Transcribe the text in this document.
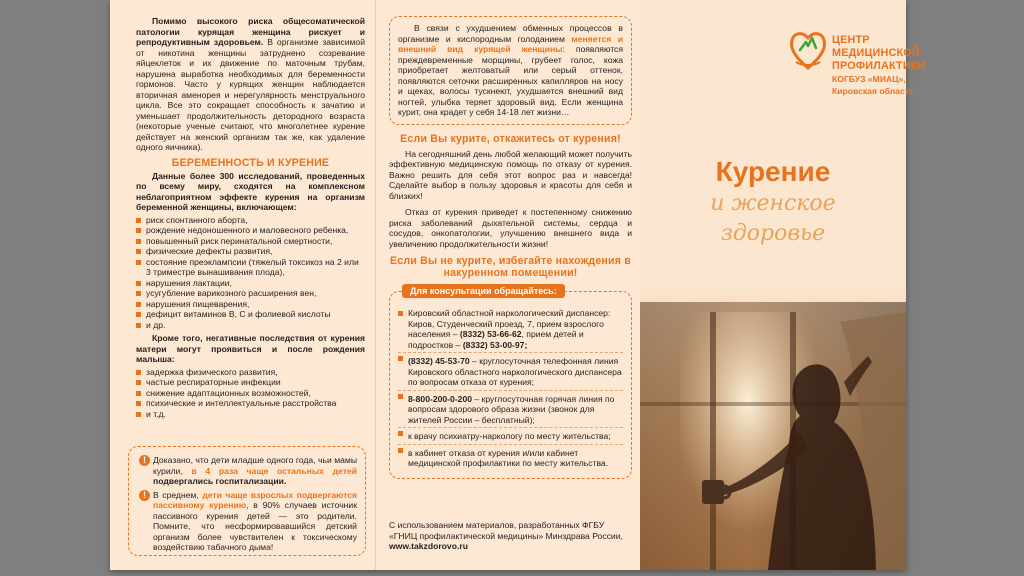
Помимо высокого риска общесоматической патологии курящая женщина рискует и репродуктивным здоровьем. В организме зависимой от никотина женщины затруднено созревание яйцеклеток и их движение по маточным трубам, нарушена выработка необходимых для беременности гормонов. Часто у курящих женщин наблюдается вторичная аменорея и нерегулярность менструального цикла. Все это сокращает способность к зачатию и уменьшает продолжительность детородного возраста (некоторые ученые считают, что многолетнее курение действует на женский организм так же, как удаление одного яичника).

БЕРЕМЕННОСТЬ И КУРЕНИЕ

Данные более 300 исследований, проведенных по всему миру, сходятся на комплексном неблагоприятном эффекте курения на организм беременной женщины, включающем:

риск спонтанного аборта,
рождение недоношенного и маловесного ребенка,
повышенный риск перинатальной смертности,
физические дефекты развития,
состояние преэклампсии (тяжелый токсикоз на 2 или 3 триместре вынашивания плода),
нарушения лактации,
усугубление варикозного расширения вен,
нарушения пищеварения,
дефицит витаминов В, С и фолиевой кислоты
и др.

Кроме того, негативные последствия от курения матери могут проявиться и после рождения малыша:

задержка физического развития,
частые респираторные инфекции
снижение адаптационных возможностей,
психические и интеллектуальные расстройства
и т.д.
! Доказано, что дети младше одного года, чьи мамы курили, в 4 раза чаще остальных детей подвергались госпитализации.

! В среднем, дети чаще взрослых подвергаются пассивному курению, в 90% случаев источник пассивного курения детей — это родители. Помните, что несформировавшийся детский организм более чувствителен к токсическому воздействию табачного дыма!

В связи с ухудшением обменных процессов в организме и кислородным голоданием меняется и внешний вид курящей женщины: появляются преждевременные морщины, грубеет голос, кожа приобретает желтоватый или серый оттенок, появляются сеточки расширенных капилляров на носу и щеках, волосы тускнеют, ухудшается внешний вид ногтей, улыбка теряет здоровый вид. Если женщина курит, она крадет у себя 14-18 лет жизни…

Если Вы курите, откажитесь от курения!

На сегодняшний день любой желающий может получить эффективную медицинскую помощь по отказу от курения. Важно решить для себя этот вопрос раз и навсегда! Сделайте выбор в пользу здоровья и красоты для себя и близких!

Отказ от курения приведет к постепенному снижению риска заболеваний дыхательной системы, сердца и сосудов, онкопатологии, улучшению внешнего вида и увеличению продолжительности жизни!

Если Вы не курите, избегайте нахождения в накуренном помещении!
Для консультации обращайтесь:
Кировский областной наркологический диспансер: Киров, Студенческий проезд, 7, прием взрослого населения – (8332) 53-66-62, прием детей и подростков – (8332) 53-00-97;
(8332) 45-53-70 – круглосуточная телефонная линия Кировского областного наркологического диспансера по вопросам отказа от курения;
8-800-200-0-200 – круглосуточная горячая линия по вопросам здорового образа жизни (звонок для жителей России – бесплатный);
к врачу психиатру-наркологу по месту жительства;
в кабинет отказа от курения и/или кабинет медицинской профилактики по месту жительства.

С использованием материалов, разработанных ФГБУ «ГНИЦ профилактической медицины» Минздрава России, www.takzdorovo.ru

ЦЕНТР МЕДИЦИНСКОЙ
ПРОФИЛАКТИКИ
КОГБУЗ «МИАЦ», Кировская область
Курение
и женское
здоровье
